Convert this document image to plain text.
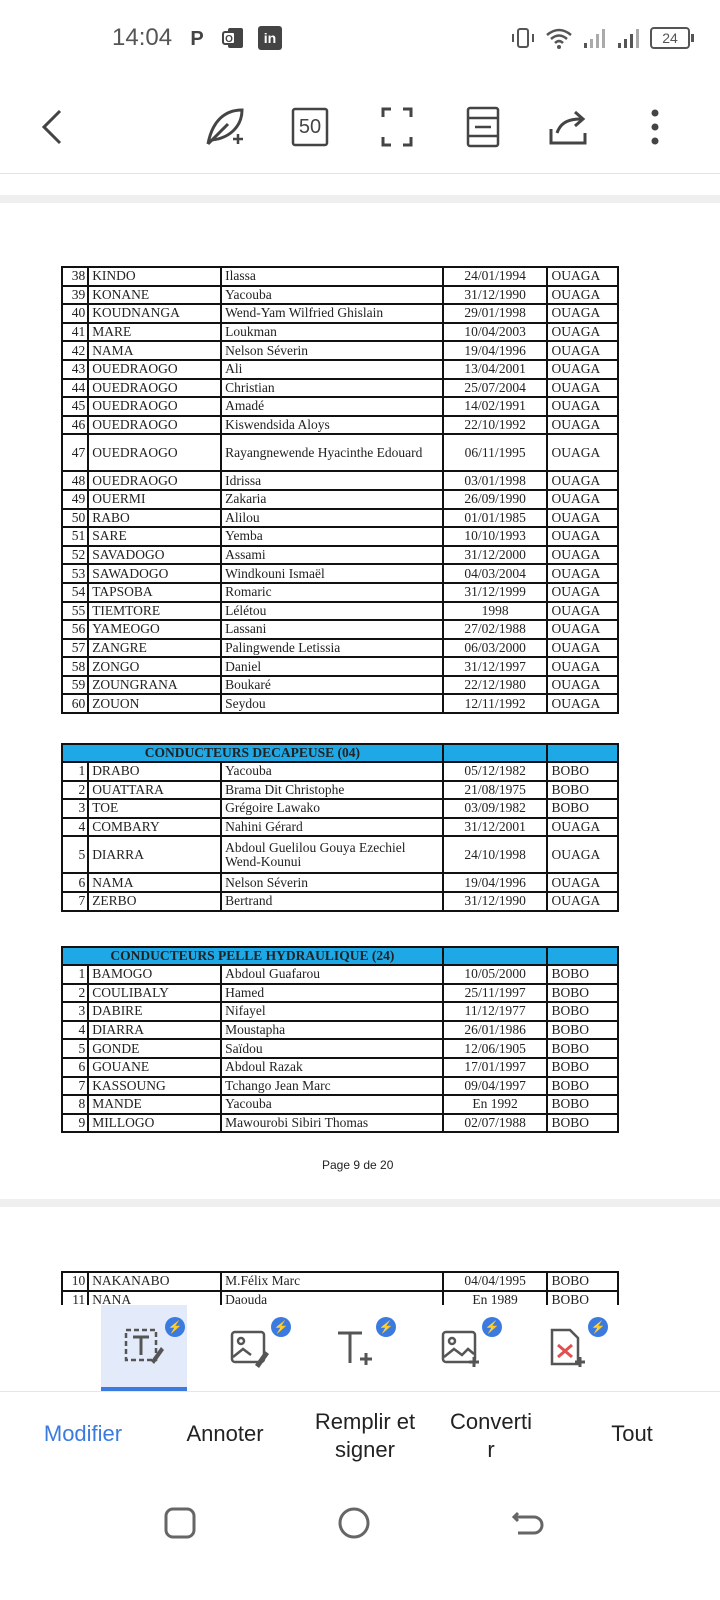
14:04 P	O	in	24
50
38	KINDO	Ilassa	24/01/1994	OUAGA
39	KONANE	Yacouba	31/12/1990	OUAGA
40	KOUDNANGA	Wend-Yam Wilfried Ghislain	29/01/1998	OUAGA
41	MARE	Loukman	10/04/2003	OUAGA
42	NAMA	Nelson Séverin	19/04/1996	OUAGA
43	OUEDRAOGO	Ali	13/04/2001	OUAGA
44	OUEDRAOGO	Christian	25/07/2004	OUAGA
45	OUEDRAOGO	Amadé	14/02/1991	OUAGA
46	OUEDRAOGO	Kiswendsida Aloys	22/10/1992	OUAGA
47	OUEDRAOGO	Rayangnewende Hyacinthe Edouard	06/11/1995	OUAGA
48	OUEDRAOGO	Idrissa	03/01/1998	OUAGA
49	OUERMI	Zakaria	26/09/1990	OUAGA
50	RABO	Alilou	01/01/1985	OUAGA
51	SARE	Yemba	10/10/1993	OUAGA
52	SAVADOGO	Assami	31/12/2000	OUAGA
53	SAWADOGO	Windkouni Ismaël	04/03/2004	OUAGA
54	TAPSOBA	Romaric	31/12/1999	OUAGA
55	TIEMTORE	Lélétou	1998	OUAGA
56	YAMEOGO	Lassani	27/02/1988	OUAGA
57	ZANGRE	Palingwende Letissia	06/03/2000	OUAGA
58	ZONGO	Daniel	31/12/1997	OUAGA
59	ZOUNGRANA	Boukaré	22/12/1980	OUAGA
60	ZOUON	Seydou	12/11/1992	OUAGA
CONDUCTEURS DECAPEUSE (04)				
1	DRABO	Yacouba	05/12/1982	BOBO
2	OUATTARA	Brama Dit Christophe	21/08/1975	BOBO
3	TOE	Grégoire Lawako	03/09/1982	BOBO
4	COMBARY	Nahini Gérard	31/12/2001	OUAGA
5	DIARRA	Abdoul Guelilou Gouya Ezechiel
Wend-Kounui	24/10/1998	OUAGA
6	NAMA	Nelson Séverin	19/04/1996	OUAGA
7	ZERBO	Bertrand	31/12/1990	OUAGA
CONDUCTEURS PELLE HYDRAULIQUE (24)				
1	BAMOGO	Abdoul Guafarou	10/05/2000	BOBO
2	COULIBALY	Hamed	25/11/1997	BOBO
3	DABIRE	Nifayel	11/12/1977	BOBO
4	DIARRA	Moustapha	26/01/1986	BOBO
5	GONDE	Saïdou	12/06/1905	BOBO
6	GOUANE	Abdoul Razak	17/01/1997	BOBO
7	KASSOUNG	Tchango Jean Marc	09/04/1997	BOBO
8	MANDE	Yacouba	En 1992	BOBO
9	MILLOGO	Mawourobi Sibiri Thomas	02/07/1988	BOBO
Page 9 de 20
10	NAKANABO	M.Félix Marc	04/04/1995	BOBO
11	NANA	Daouda	En 1989	BOBO
⚡	⚡	⚡	⚡	⚡
Modifier	Annoter	Remplir et
signer
Converti
r
Tout
